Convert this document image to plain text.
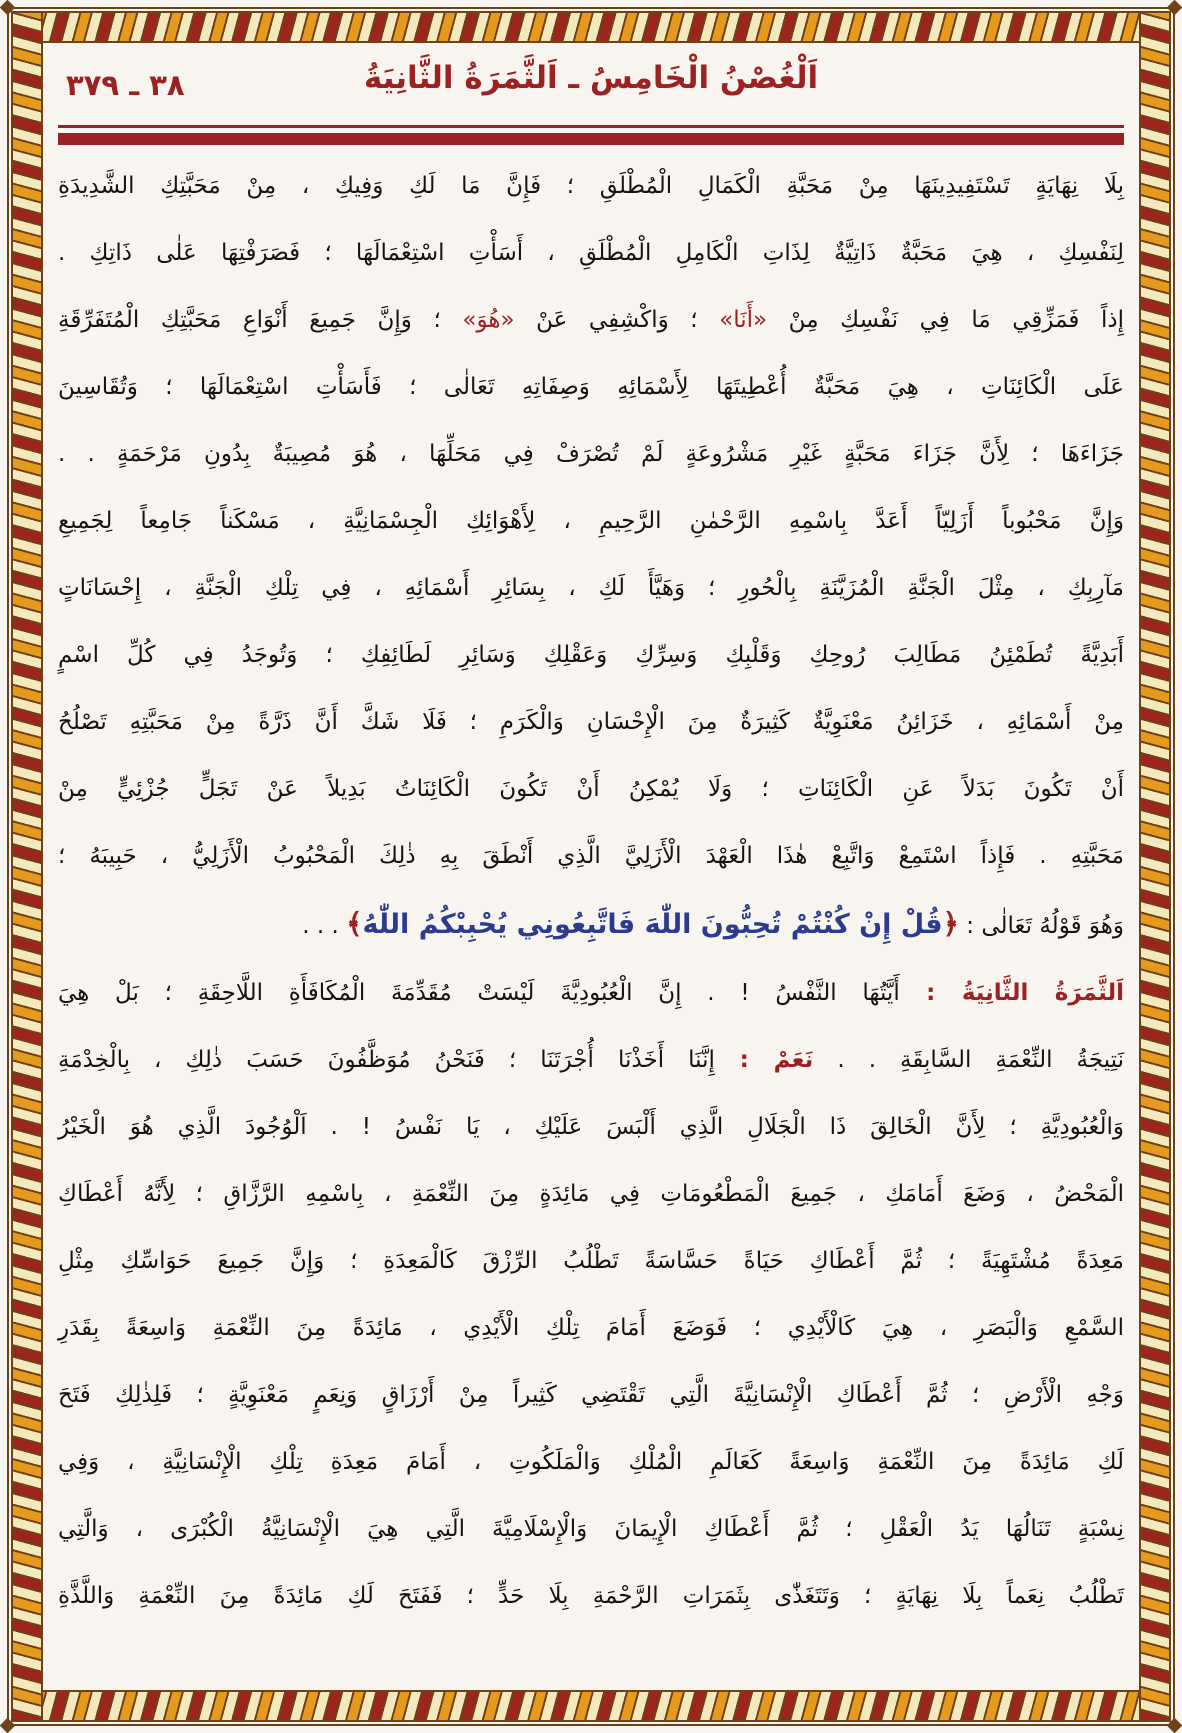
٣٨ ـ ٣٧٩	اَلْغُصْنُ الْخَامِسُ ـ اَلثَّمَرَةُ الثَّانِيَةُ
بِلَا نِهَايَةٍ تَسْتَفِيدِينَهَا مِنْ مَحَبَّةِ الْكَمَالِ الْمُطْلَقِ ؛ فَإِنَّ مَا لَكِ وَفِيكِ ، مِنْ مَحَبَّتِكِ الشَّدِيدَةِ
لِنَفْسِكِ ، هِيَ مَحَبَّةٌ ذَاتِيَّةٌ لِذَاتِ الْكَامِلِ الْمُطْلَقِ ، أَسَأْتِ اسْتِعْمَالَهَا ؛ فَصَرَفْتِهَا عَلٰى ذَاتِكِ .
إِذاً فَمَزِّقِي مَا فِي نَفْسِكِ مِنْ «أَنَا» ؛ وَاكْشِفِي عَنْ «هُوَ» ؛ وَإِنَّ جَمِيعَ أَنْوَاعِ مَحَبَّتِكِ الْمُتَفَرِّقَةِ
عَلَى الْكَائِنَاتِ ، هِيَ مَحَبَّةٌ أُعْطِيتَهَا لِأَسْمَائِهِ وَصِفَاتِهِ تَعَالٰى ؛ فَأَسَأْتِ اسْتِعْمَالَهَا ؛ وَتُقَاسِينَ
جَزَاءَهَا ؛ لِأَنَّ جَزَاءَ مَحَبَّةٍ غَيْرِ مَشْرُوعَةٍ لَمْ تُصْرَفْ فِي مَحَلِّهَا ، هُوَ مُصِيبَةٌ بِدُونِ مَرْحَمَةٍ . .
وَإِنَّ مَحْبُوباً أَزَلِيّاً أَعَدَّ بِاسْمِهِ الرَّحْمٰنِ الرَّحِيمِ ، لِأَهْوَائِكِ الْجِسْمَانِيَّةِ ، مَسْكَناً جَامِعاً لِجَمِيعِ
مَآرِبِكِ ، مِثْلَ الْجَنَّةِ الْمُزَيَّنَةِ بِالْحُورِ ؛ وَهَيَّأَ لَكِ ، بِسَائِرِ أَسْمَائِهِ ، فِي تِلْكِ الْجَنَّةِ ، إِحْسَانَاتٍ
أَبَدِيَّةً تُطَمْئِنُ مَطَالِبَ رُوحِكِ وَقَلْبِكِ وَسِرِّكِ وَعَقْلِكِ وَسَائِرِ لَطَائِفِكِ ؛ وَتُوجَدُ فِي كُلِّ اسْمٍ
مِنْ أَسْمَائِهِ ، خَزَائِنُ مَعْنَوِيَّةٌ كَثِيرَةٌ مِنَ الْإِحْسَانِ وَالْكَرَمِ ؛ فَلَا شَكَّ أَنَّ ذَرَّةً مِنْ مَحَبَّتِهِ تَصْلُحُ
أَنْ تَكُونَ بَدَلاً عَنِ الْكَائِنَاتِ ؛ وَلَا يُمْكِنُ أَنْ تَكُونَ الْكَائِنَاتُ بَدِيلاً عَنْ تَجَلٍّ جُزْئِيٍّ مِنْ
مَحَبَّتِهِ . فَإِذاً اسْتَمِعْ وَاتَّبِعْ هٰذَا الْعَهْدَ الْأَزَلِيَّ الَّذِي أَنْطَقَ بِهِ ذٰلِكَ الْمَحْبُوبُ الْأَزَلِيُّ ، حَبِيبَهُ ؛
وَهُوَ قَوْلُهُ تَعَالٰى : ﴿قُلْ إِنْ كُنْتُمْ تُحِبُّونَ اللّٰهَ فَاتَّبِعُونِي يُحْبِبْكُمُ اللّٰهُ﴾ . . .
اَلثَّمَرَةُ الثَّانِيَةُ : أَيَّتُهَا النَّفْسُ ! . إِنَّ الْعُبُودِيَّةَ لَيْسَتْ مُقَدِّمَةَ الْمُكَافَأَةِ اللَّاحِقَةِ ؛ بَلْ هِيَ
نَتِيجَةُ النِّعْمَةِ السَّابِقَةِ . . نَعَمْ : إِنَّنَا أَخَذْنَا أُجْرَتَنَا ؛ فَنَحْنُ مُوَظَّفُونَ حَسَبَ ذٰلِكِ ، بِالْخِدْمَةِ
وَالْعُبُودِيَّةِ ؛ لِأَنَّ الْخَالِقَ ذَا الْجَلَالِ الَّذِي أَلْبَسَ عَلَيْكِ ، يَا نَفْسُ ! . اَلْوُجُودَ الَّذِي هُوَ الْخَيْرُ
الْمَحْضُ ، وَضَعَ أَمَامَكِ ، جَمِيعَ الْمَطْعُومَاتِ فِي مَائِدَةٍ مِنَ النِّعْمَةِ ، بِاسْمِهِ الرَّزَّاقِ ؛ لِأَنَّهُ أَعْطَاكِ
مَعِدَةً مُشْتَهِيَةً ؛ ثُمَّ أَعْطَاكِ حَيَاةً حَسَّاسَةً تَطْلُبُ الرِّزْقَ كَالْمَعِدَةِ ؛ وَإِنَّ جَمِيعَ حَوَاسِّكِ مِثْلِ
السَّمْعِ وَالْبَصَرِ ، هِيَ كَالْأَيْدِي ؛ فَوَضَعَ أَمَامَ تِلْكِ الْأَيْدِي ، مَائِدَةً مِنَ النِّعْمَةِ وَاسِعَةً بِقَدَرِ
وَجْهِ الْأَرْضِ ؛ ثُمَّ أَعْطَاكِ الْإِنْسَانِيَّةَ الَّتِي تَقْتَضِي كَثِيراً مِنْ أَرْزَاقٍ وَنِعَمٍ مَعْنَوِيَّةٍ ؛ فَلِذٰلِكِ فَتَحَ
لَكِ مَائِدَةً مِنَ النِّعْمَةِ وَاسِعَةً كَعَالَمِ الْمُلْكِ وَالْمَلَكُوتِ ، أَمَامَ مَعِدَةِ تِلْكِ الْإِنْسَانِيَّةِ ، وَفِي
نِسْبَةٍ تَنَالُهَا يَدُ الْعَقْلِ ؛ ثُمَّ أَعْطَاكِ الْإِيمَانَ وَالْإِسْلَامِيَّةَ الَّتِي هِيَ الْإِنْسَانِيَّةُ الْكُبْرَى ، وَالَّتِي
تَطْلُبُ نِعَماً بِلَا نِهَايَةٍ ؛ وَتَتَغَذّٰى بِثَمَرَاتِ الرَّحْمَةِ بِلَا حَدٍّ ؛ فَفَتَحَ لَكِ مَائِدَةً مِنَ النِّعْمَةِ وَاللَّذَّةِ
